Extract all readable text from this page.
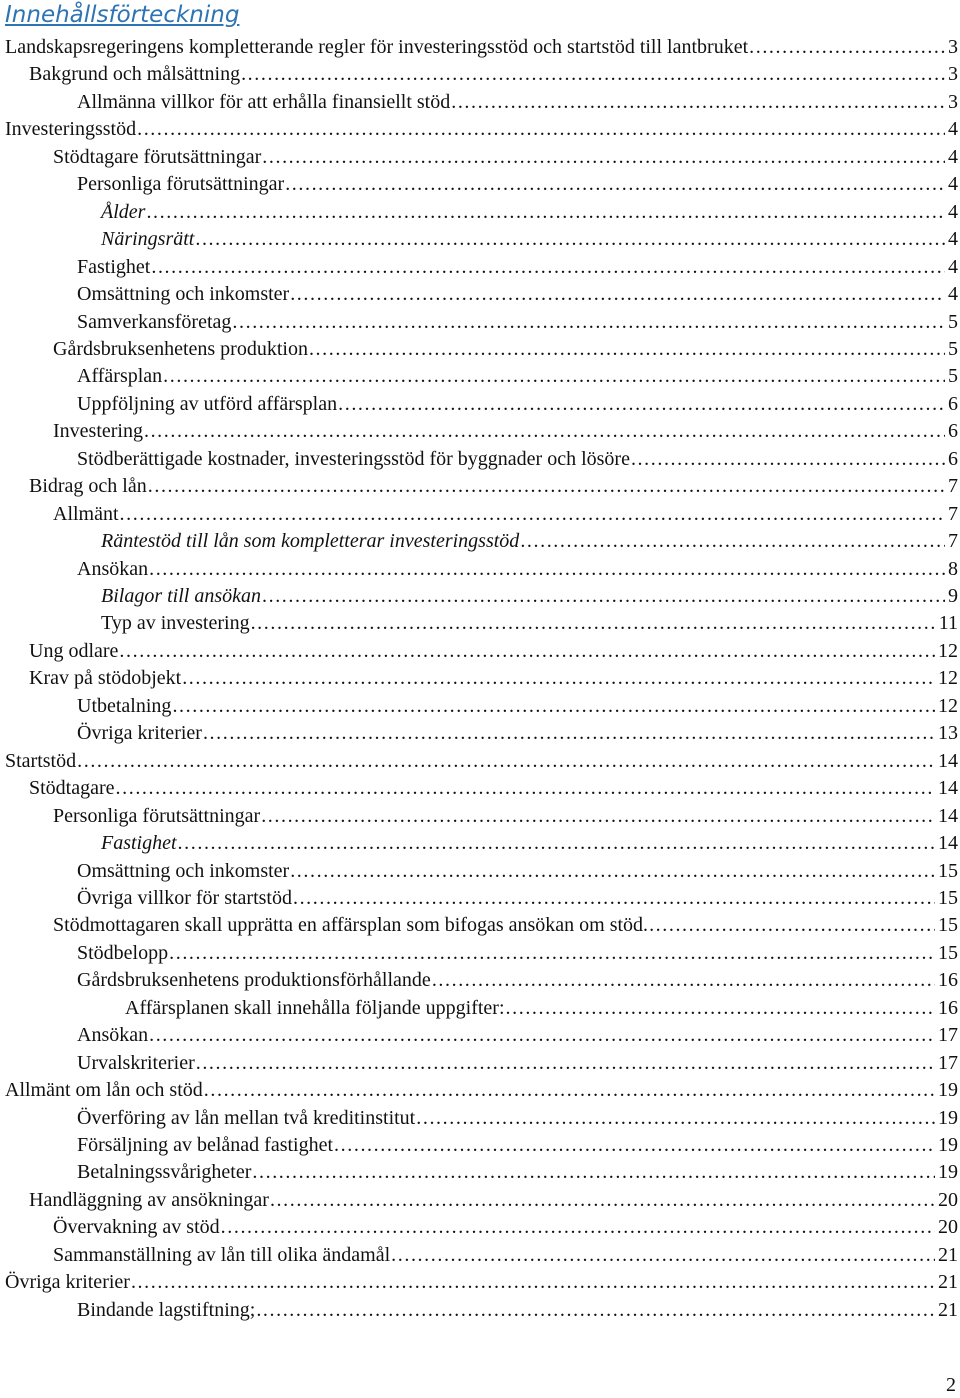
Innehållsförteckning
Landskapsregeringens kompletterande regler för investeringsstöd och startstöd till lantbruket .....	3
Bakgrund och målsättning .....	3
Allmänna villkor för att erhålla finansiellt stöd .....	3
Investeringsstöd .....	4
Stödtagare förutsättningar .....	4
Personliga förutsättningar .....	4
Ålder .....	4
Näringsrätt .....	4
Fastighet .....	4
Omsättning och inkomster .....	4
Samverkansföretag .....	5
Gårdsbruksenhetens produktion .....	5
Affärsplan .....	5
Uppföljning av utförd affärsplan .....	6
Investering .....	6
Stödberättigade kostnader, investeringsstöd för byggnader och lösöre .....	6
Bidrag och lån .....	7
Allmänt .....	7
Räntestöd till lån som kompletterar investeringsstöd .....	7
Ansökan .....	8
Bilagor till ansökan .....	9
Typ av investering .....	11
Ung odlare .....	12
Krav på stödobjekt .....	12
Utbetalning .....	12
Övriga kriterier .....	13
Startstöd .....	14
Stödtagare .....	14
Personliga förutsättningar .....	14
Fastighet .....	14
Omsättning och inkomster .....	15
Övriga villkor för startstöd .....	15
Stödmottagaren skall upprätta en affärsplan som bifogas ansökan om stöd. .....	15
Stödbelopp .....	15
Gårdsbruksenhetens produktionsförhållande .....	16
Affärsplanen skall innehålla följande uppgifter: .....	16
Ansökan .....	17
Urvalskriterier .....	17
Allmänt om lån och stöd .....	19
Överföring av lån mellan två kreditinstitut .....	19
Försäljning av belånad fastighet .....	19
Betalningssvårigheter .....	19
Handläggning av ansökningar .....	20
Övervakning av stöd .....	20
Sammanställning av lån till olika ändamål .....	21
Övriga kriterier .....	21
Bindande lagstiftning; .....	21
2
